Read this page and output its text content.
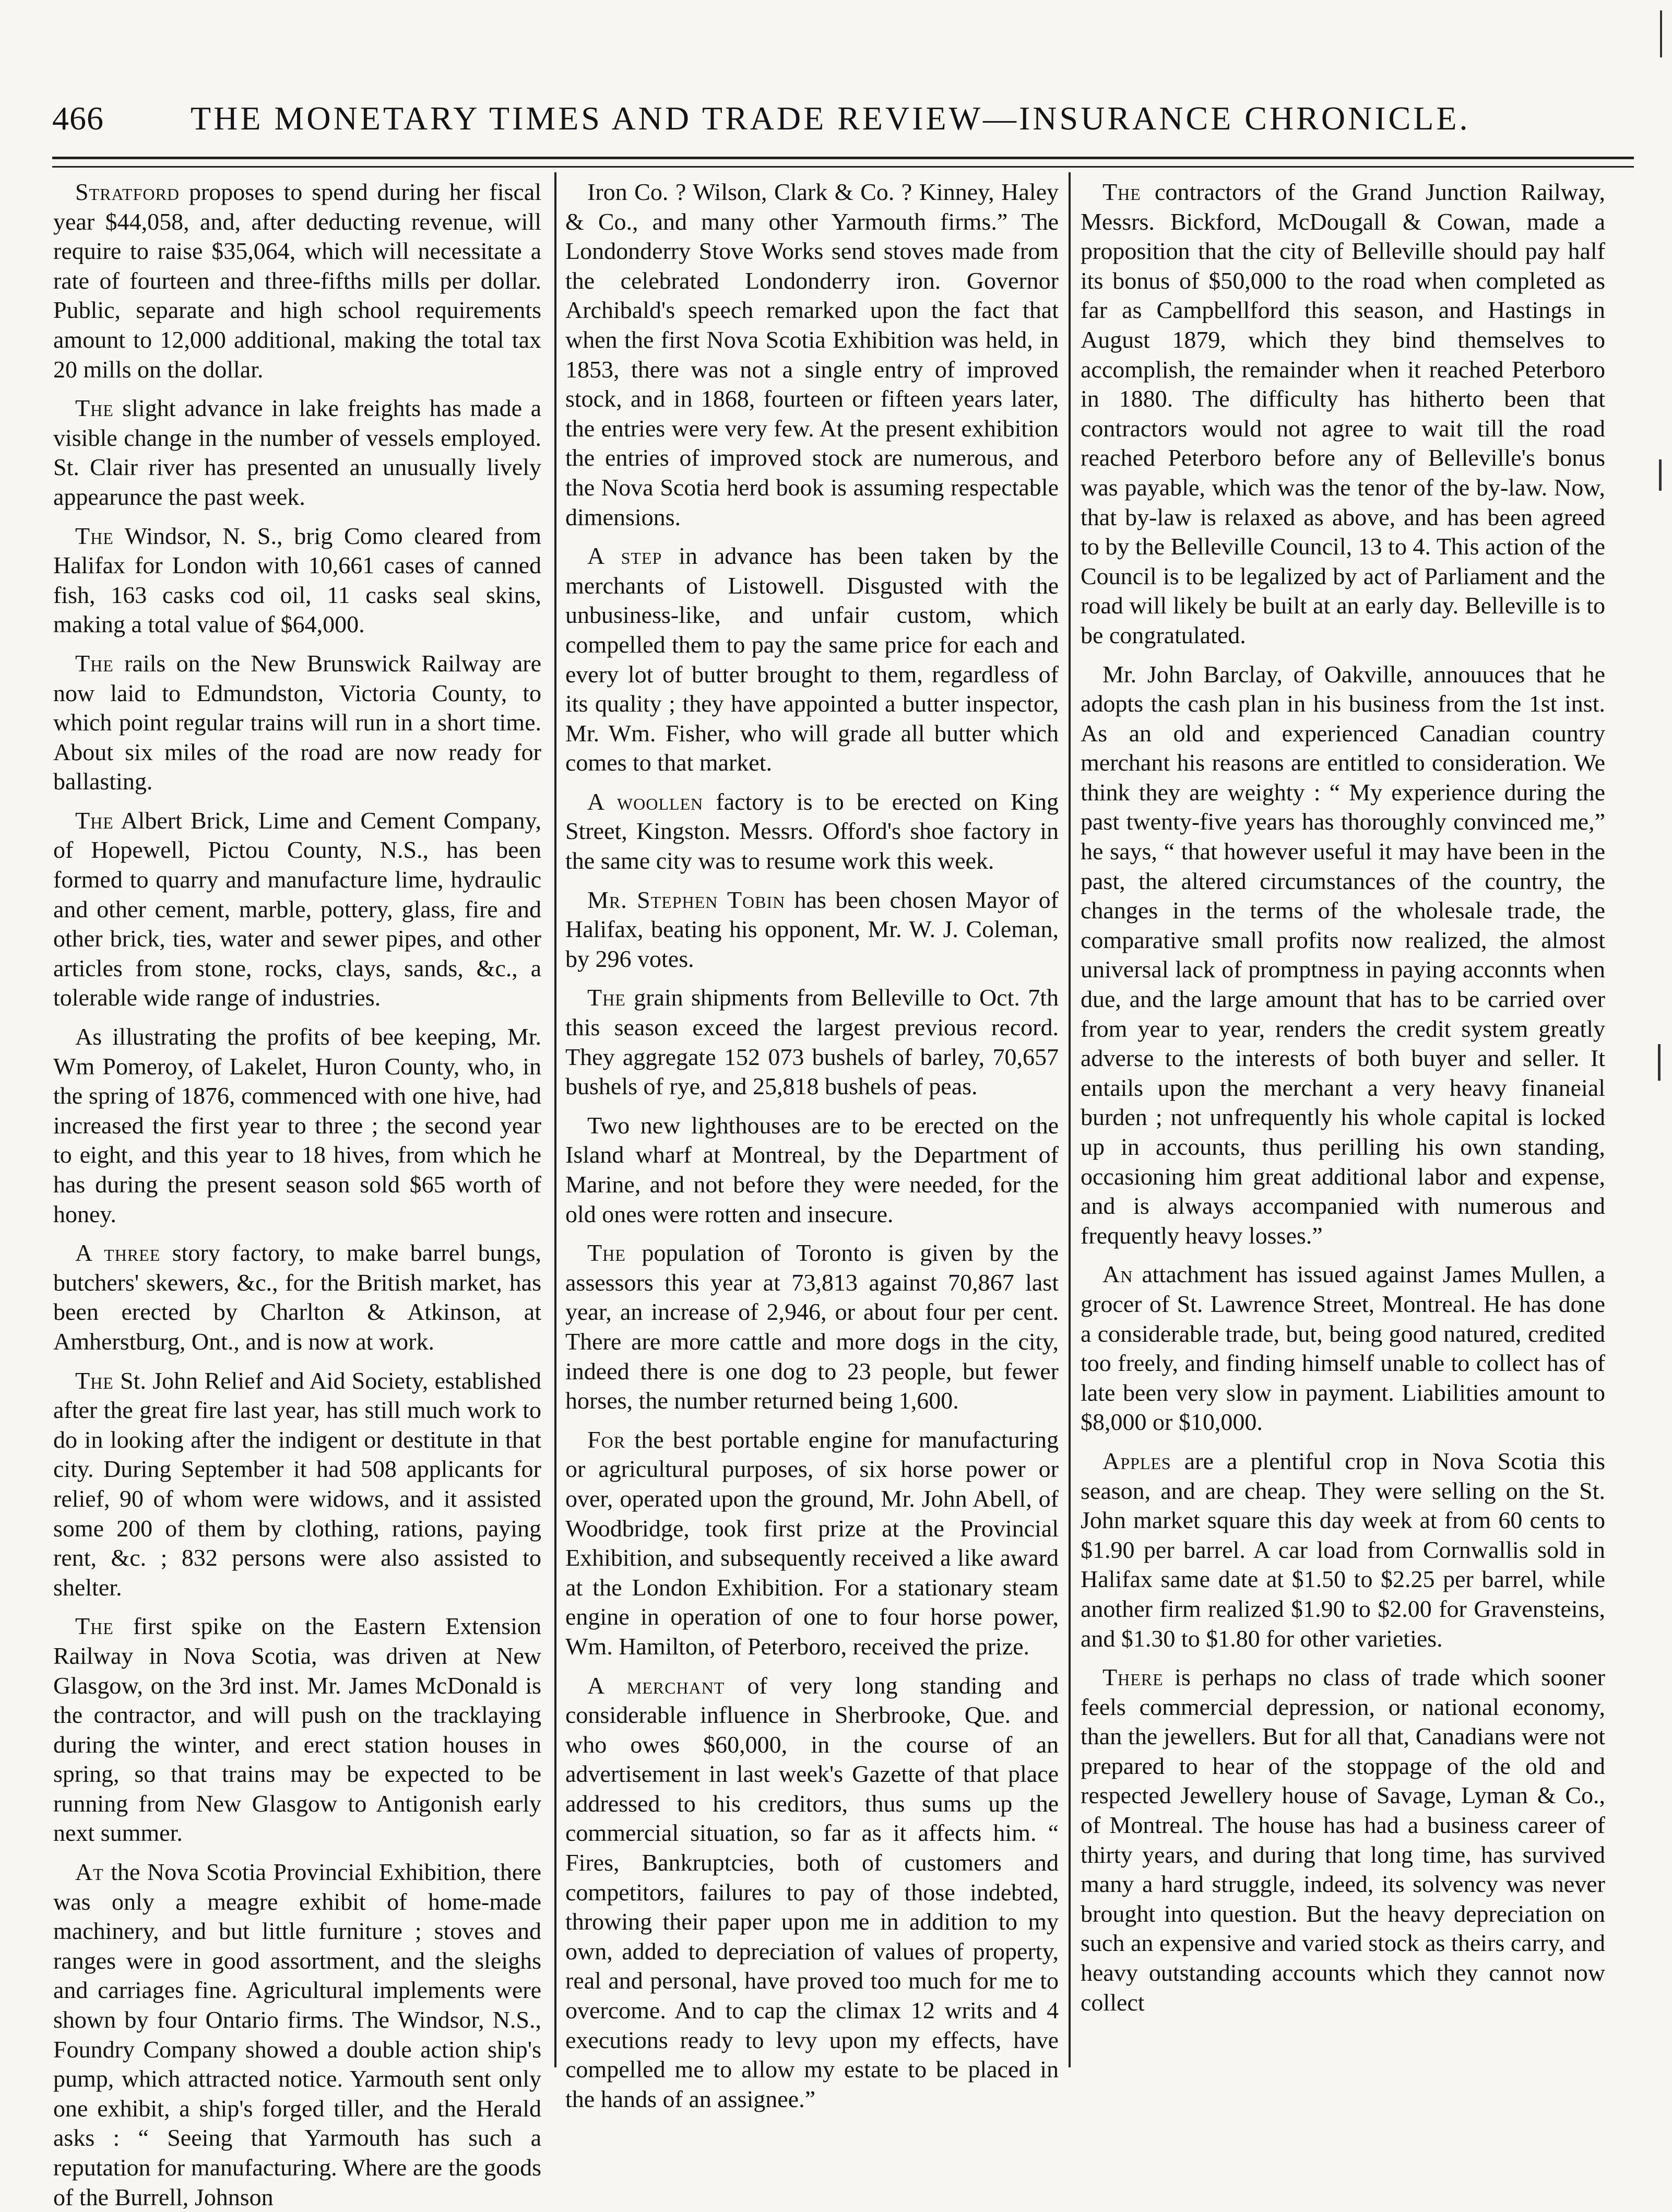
466	THE MONETARY TIMES AND TRADE REVIEW—INSURANCE CHRONICLE.

Stratford proposes to spend during her fiscal year $44,058, and, after deducting revenue, will require to raise $35,064, which will necessitate a rate of fourteen and three-fifths mills per dollar. Public, separate and high school requirements amount to 12,000 additional, making the total tax 20 mills on the dollar.

The slight advance in lake freights has made a visible change in the number of vessels employed. St. Clair river has presented an unusually lively appearunce the past week.

The Windsor, N. S., brig Como cleared from Halifax for London with 10,661 cases of canned fish, 163 casks cod oil, 11 casks seal skins, making a total value of $64,000.

The rails on the New Brunswick Railway are now laid to Edmundston, Victoria County, to which point regular trains will run in a short time. About six miles of the road are now ready for ballasting.

The Albert Brick, Lime and Cement Company, of Hopewell, Pictou County, N.S., has been formed to quarry and manufacture lime, hydraulic and other cement, marble, pottery, glass, fire and other brick, ties, water and sewer pipes, and other articles from stone, rocks, clays, sands, &c., a tolerable wide range of industries.

As illustrating the profits of bee keeping, Mr. Wm Pomeroy, of Lakelet, Huron County, who, in the spring of 1876, commenced with one hive, had increased the first year to three ; the second year to eight, and this year to 18 hives, from which he has during the present season sold $65 worth of honey.

A three story factory, to make barrel bungs, butchers' skewers, &c., for the British market, has been erected by Charlton & Atkinson, at Amherstburg, Ont., and is now at work.

The St. John Relief and Aid Society, established after the great fire last year, has still much work to do in looking after the indigent or destitute in that city. During September it had 508 applicants for relief, 90 of whom were widows, and it assisted some 200 of them by clothing, rations, paying rent, &c. ; 832 persons were also assisted to shelter.

The first spike on the Eastern Extension Railway in Nova Scotia, was driven at New Glasgow, on the 3rd inst. Mr. James McDonald is the contractor, and will push on the tracklaying during the winter, and erect station houses in spring, so that trains may be expected to be running from New Glasgow to Antigonish early next summer.

At the Nova Scotia Provincial Exhibition, there was only a meagre exhibit of home-made machinery, and but little furniture ; stoves and ranges were in good assortment, and the sleighs and carriages fine. Agricultural implements were shown by four Ontario firms. The Windsor, N.S., Foundry Company showed a double action ship's pump, which attracted notice. Yarmouth sent only one exhibit, a ship's forged tiller, and the Herald asks : “ Seeing that Yarmouth has such a reputation for manufacturing. Where are the goods of the Burrell, Johnson

Iron Co. ? Wilson, Clark & Co. ? Kinney, Haley & Co., and many other Yarmouth firms.” The Londonderry Stove Works send stoves made from the celebrated Londonderry iron. Governor Archibald's speech remarked upon the fact that when the first Nova Scotia Exhibition was held, in 1853, there was not a single entry of improved stock, and in 1868, fourteen or fifteen years later, the entries were very few. At the present exhibition the entries of improved stock are numerous, and the Nova Scotia herd book is assuming respectable dimensions.

A step in advance has been taken by the merchants of Listowell. Disgusted with the unbusiness-like, and unfair custom, which compelled them to pay the same price for each and every lot of butter brought to them, regardless of its quality ; they have appointed a butter inspector, Mr. Wm. Fisher, who will grade all butter which comes to that market.

A woollen factory is to be erected on King Street, Kingston. Messrs. Offord's shoe factory in the same city was to resume work this week.

Mr. Stephen Tobin has been chosen Mayor of Halifax, beating his opponent, Mr. W. J. Coleman, by 296 votes.

The grain shipments from Belleville to Oct. 7th this season exceed the largest previous record. They aggregate 152 073 bushels of barley, 70,657 bushels of rye, and 25,818 bushels of peas.

Two new lighthouses are to be erected on the Island wharf at Montreal, by the Department of Marine, and not before they were needed, for the old ones were rotten and insecure.

The population of Toronto is given by the assessors this year at 73,813 against 70,867 last year, an increase of 2,946, or about four per cent. There are more cattle and more dogs in the city, indeed there is one dog to 23 people, but fewer horses, the number returned being 1,600.

For the best portable engine for manufacturing or agricultural purposes, of six horse power or over, operated upon the ground, Mr. John Abell, of Woodbridge, took first prize at the Provincial Exhibition, and subsequently received a like award at the London Exhibition. For a stationary steam engine in operation of one to four horse power, Wm. Hamilton, of Peterboro, received the prize.

A merchant of very long standing and considerable influence in Sherbrooke, Que. and who owes $60,000, in the course of an advertisement in last week's Gazette of that place addressed to his creditors, thus sums up the commercial situation, so far as it affects him. “ Fires, Bankruptcies, both of customers and competitors, failures to pay of those indebted, throwing their paper upon me in addition to my own, added to depreciation of values of property, real and personal, have proved too much for me to overcome. And to cap the climax 12 writs and 4 executions ready to levy upon my effects, have compelled me to allow my estate to be placed in the hands of an assignee.”

The contractors of the Grand Junction Railway, Messrs. Bickford, McDougall & Cowan, made a proposition that the city of Belleville should pay half its bonus of $50,000 to the road when completed as far as Campbellford this season, and Hastings in August 1879, which they bind themselves to accomplish, the remainder when it reached Peterboro in 1880. The difficulty has hitherto been that contractors would not agree to wait till the road reached Peterboro before any of Belleville's bonus was payable, which was the tenor of the by-law. Now, that by-law is relaxed as above, and has been agreed to by the Belleville Council, 13 to 4. This action of the Council is to be legalized by act of Parliament and the road will likely be built at an early day. Belleville is to be congratulated.

Mr. John Barclay, of Oakville, annouuces that he adopts the cash plan in his business from the 1st inst. As an old and experienced Canadian country merchant his reasons are entitled to consideration. We think they are weighty : “ My experience during the past twenty-five years has thoroughly convinced me,” he says, “ that however useful it may have been in the past, the altered circumstances of the country, the changes in the terms of the wholesale trade, the comparative small profits now realized, the almost universal lack of promptness in paying acconnts when due, and the large amount that has to be carried over from year to year, renders the credit system greatly adverse to the interests of both buyer and seller. It entails upon the merchant a very heavy finaneial burden ; not unfrequently his whole capital is locked up in accounts, thus perilling his own standing, occasioning him great additional labor and expense, and is always accompanied with numerous and frequently heavy losses.”

An attachment has issued against James Mullen, a grocer of St. Lawrence Street, Montreal. He has done a considerable trade, but, being good natured, credited too freely, and finding himself unable to collect has of late been very slow in payment. Liabilities amount to $8,000 or $10,000.

Apples are a plentiful crop in Nova Scotia this season, and are cheap. They were selling on the St. John market square this day week at from 60 cents to $1.90 per barrel. A car load from Cornwallis sold in Halifax same date at $1.50 to $2.25 per barrel, while another firm realized $1.90 to $2.00 for Gravensteins, and $1.30 to $1.80 for other varieties.

There is perhaps no class of trade which sooner feels commercial depression, or national economy, than the jewellers. But for all that, Canadians were not prepared to hear of the stoppage of the old and respected Jewellery house of Savage, Lyman & Co., of Montreal. The house has had a business career of thirty years, and during that long time, has survived many a hard struggle, indeed, its solvency was never brought into question. But the heavy depreciation on such an expensive and varied stock as theirs carry, and heavy outstanding accounts which they cannot now collect
